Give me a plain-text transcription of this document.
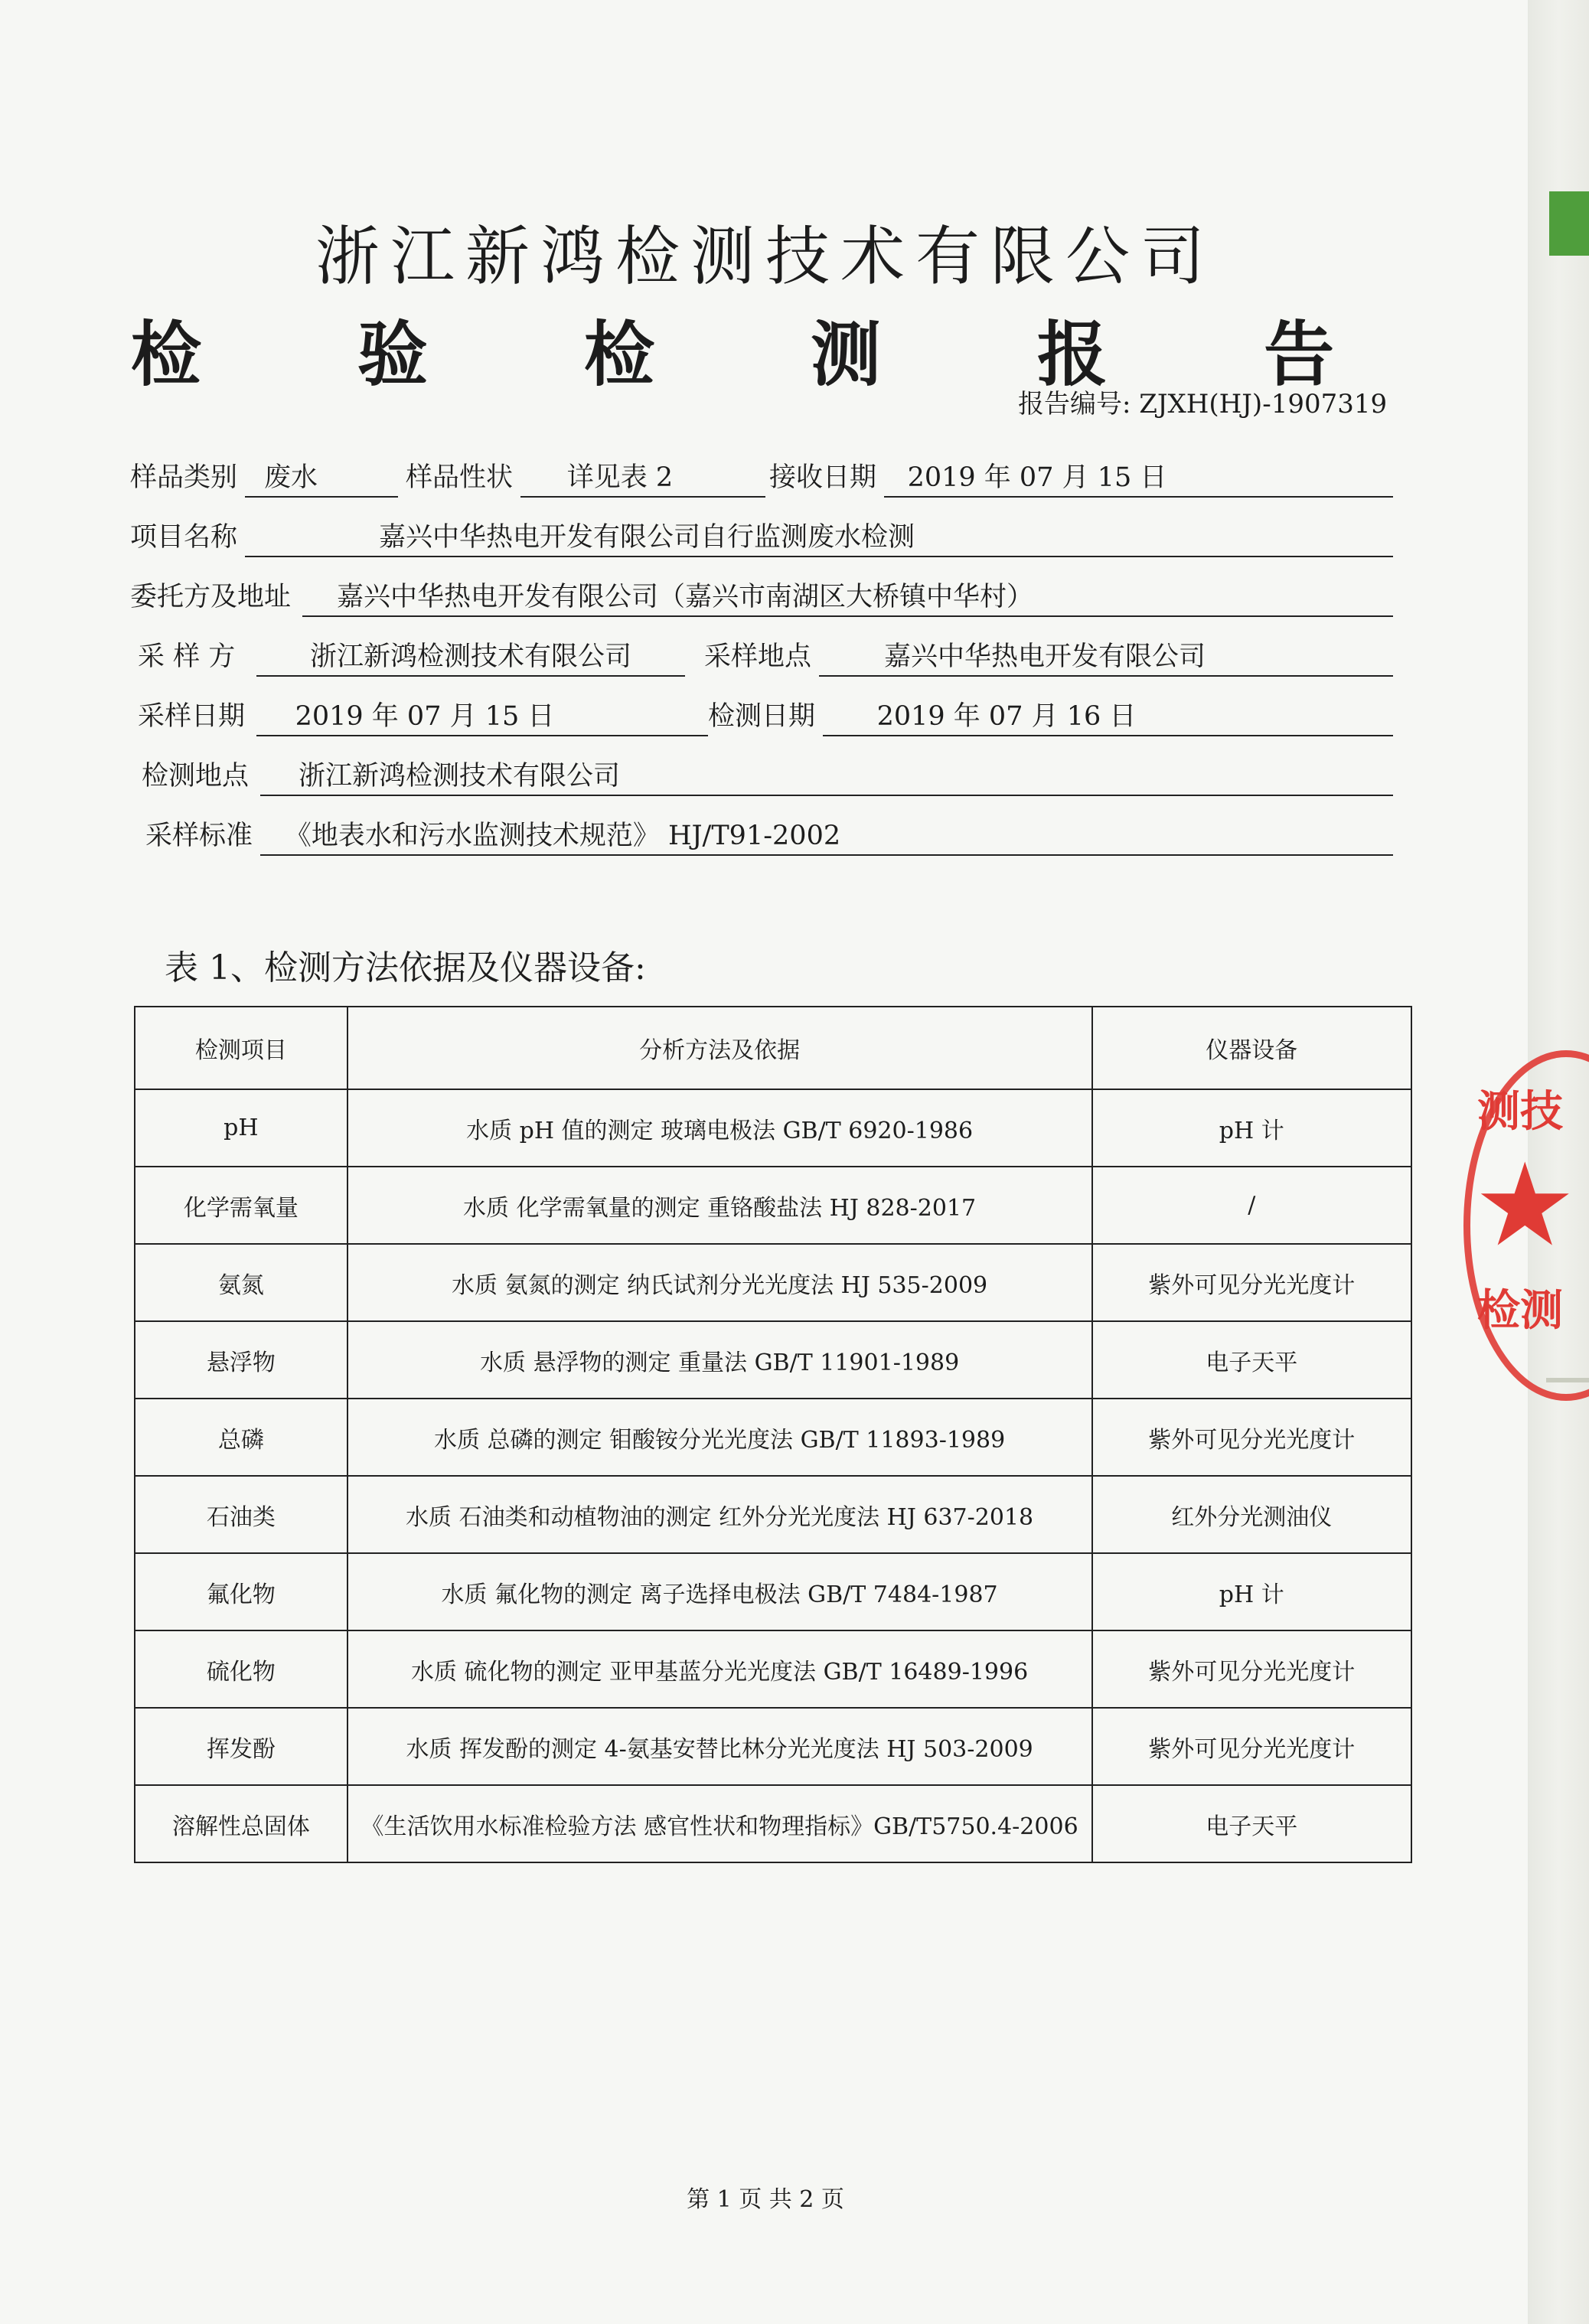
浙江新鸿检测技术有限公司
检 验 检 测 报 告
报告编号: ZJXH(HJ)-1907319
样品类别 废水	样品性状	详见表 2	接收日期	2019 年 07 月 15 日
项目名称	嘉兴中华热电开发有限公司自行监测废水检测
委托方及地址	嘉兴中华热电开发有限公司（嘉兴市南湖区大桥镇中华村）
采 样 方	浙江新鸿检测技术有限公司	采样地点	嘉兴中华热电开发有限公司
采样日期	2019 年 07 月 15 日	检测日期	2019 年 07 月 16 日
检测地点	浙江新鸿检测技术有限公司
采样标准	《地表水和污水监测技术规范》 HJ/T91-2002
表 1、检测方法依据及仪器设备:
检测项目	分析方法及依据	仪器设备
pH	水质 pH 值的测定 玻璃电极法 GB/T 6920-1986	pH 计
化学需氧量	水质 化学需氧量的测定 重铬酸盐法 HJ 828-2017	/
氨氮	水质 氨氮的测定 纳氏试剂分光光度法 HJ 535-2009	紫外可见分光光度计
悬浮物	水质 悬浮物的测定 重量法 GB/T 11901-1989	电子天平
总磷	水质 总磷的测定 钼酸铵分光光度法 GB/T 11893-1989	紫外可见分光光度计
石油类	水质 石油类和动植物油的测定 红外分光光度法 HJ 637-2018	红外分光测油仪
氟化物	水质 氟化物的测定 离子选择电极法 GB/T 7484-1987	pH 计
硫化物	水质 硫化物的测定 亚甲基蓝分光光度法 GB/T 16489-1996	紫外可见分光光度计
挥发酚	水质 挥发酚的测定 4-氨基安替比林分光光度法 HJ 503-2009	紫外可见分光光度计
溶解性总固体	《生活饮用水标准检验方法 感官性状和物理指标》GB/T5750.4-2006	电子天平
测技
★
检测
第 1 页 共 2 页
